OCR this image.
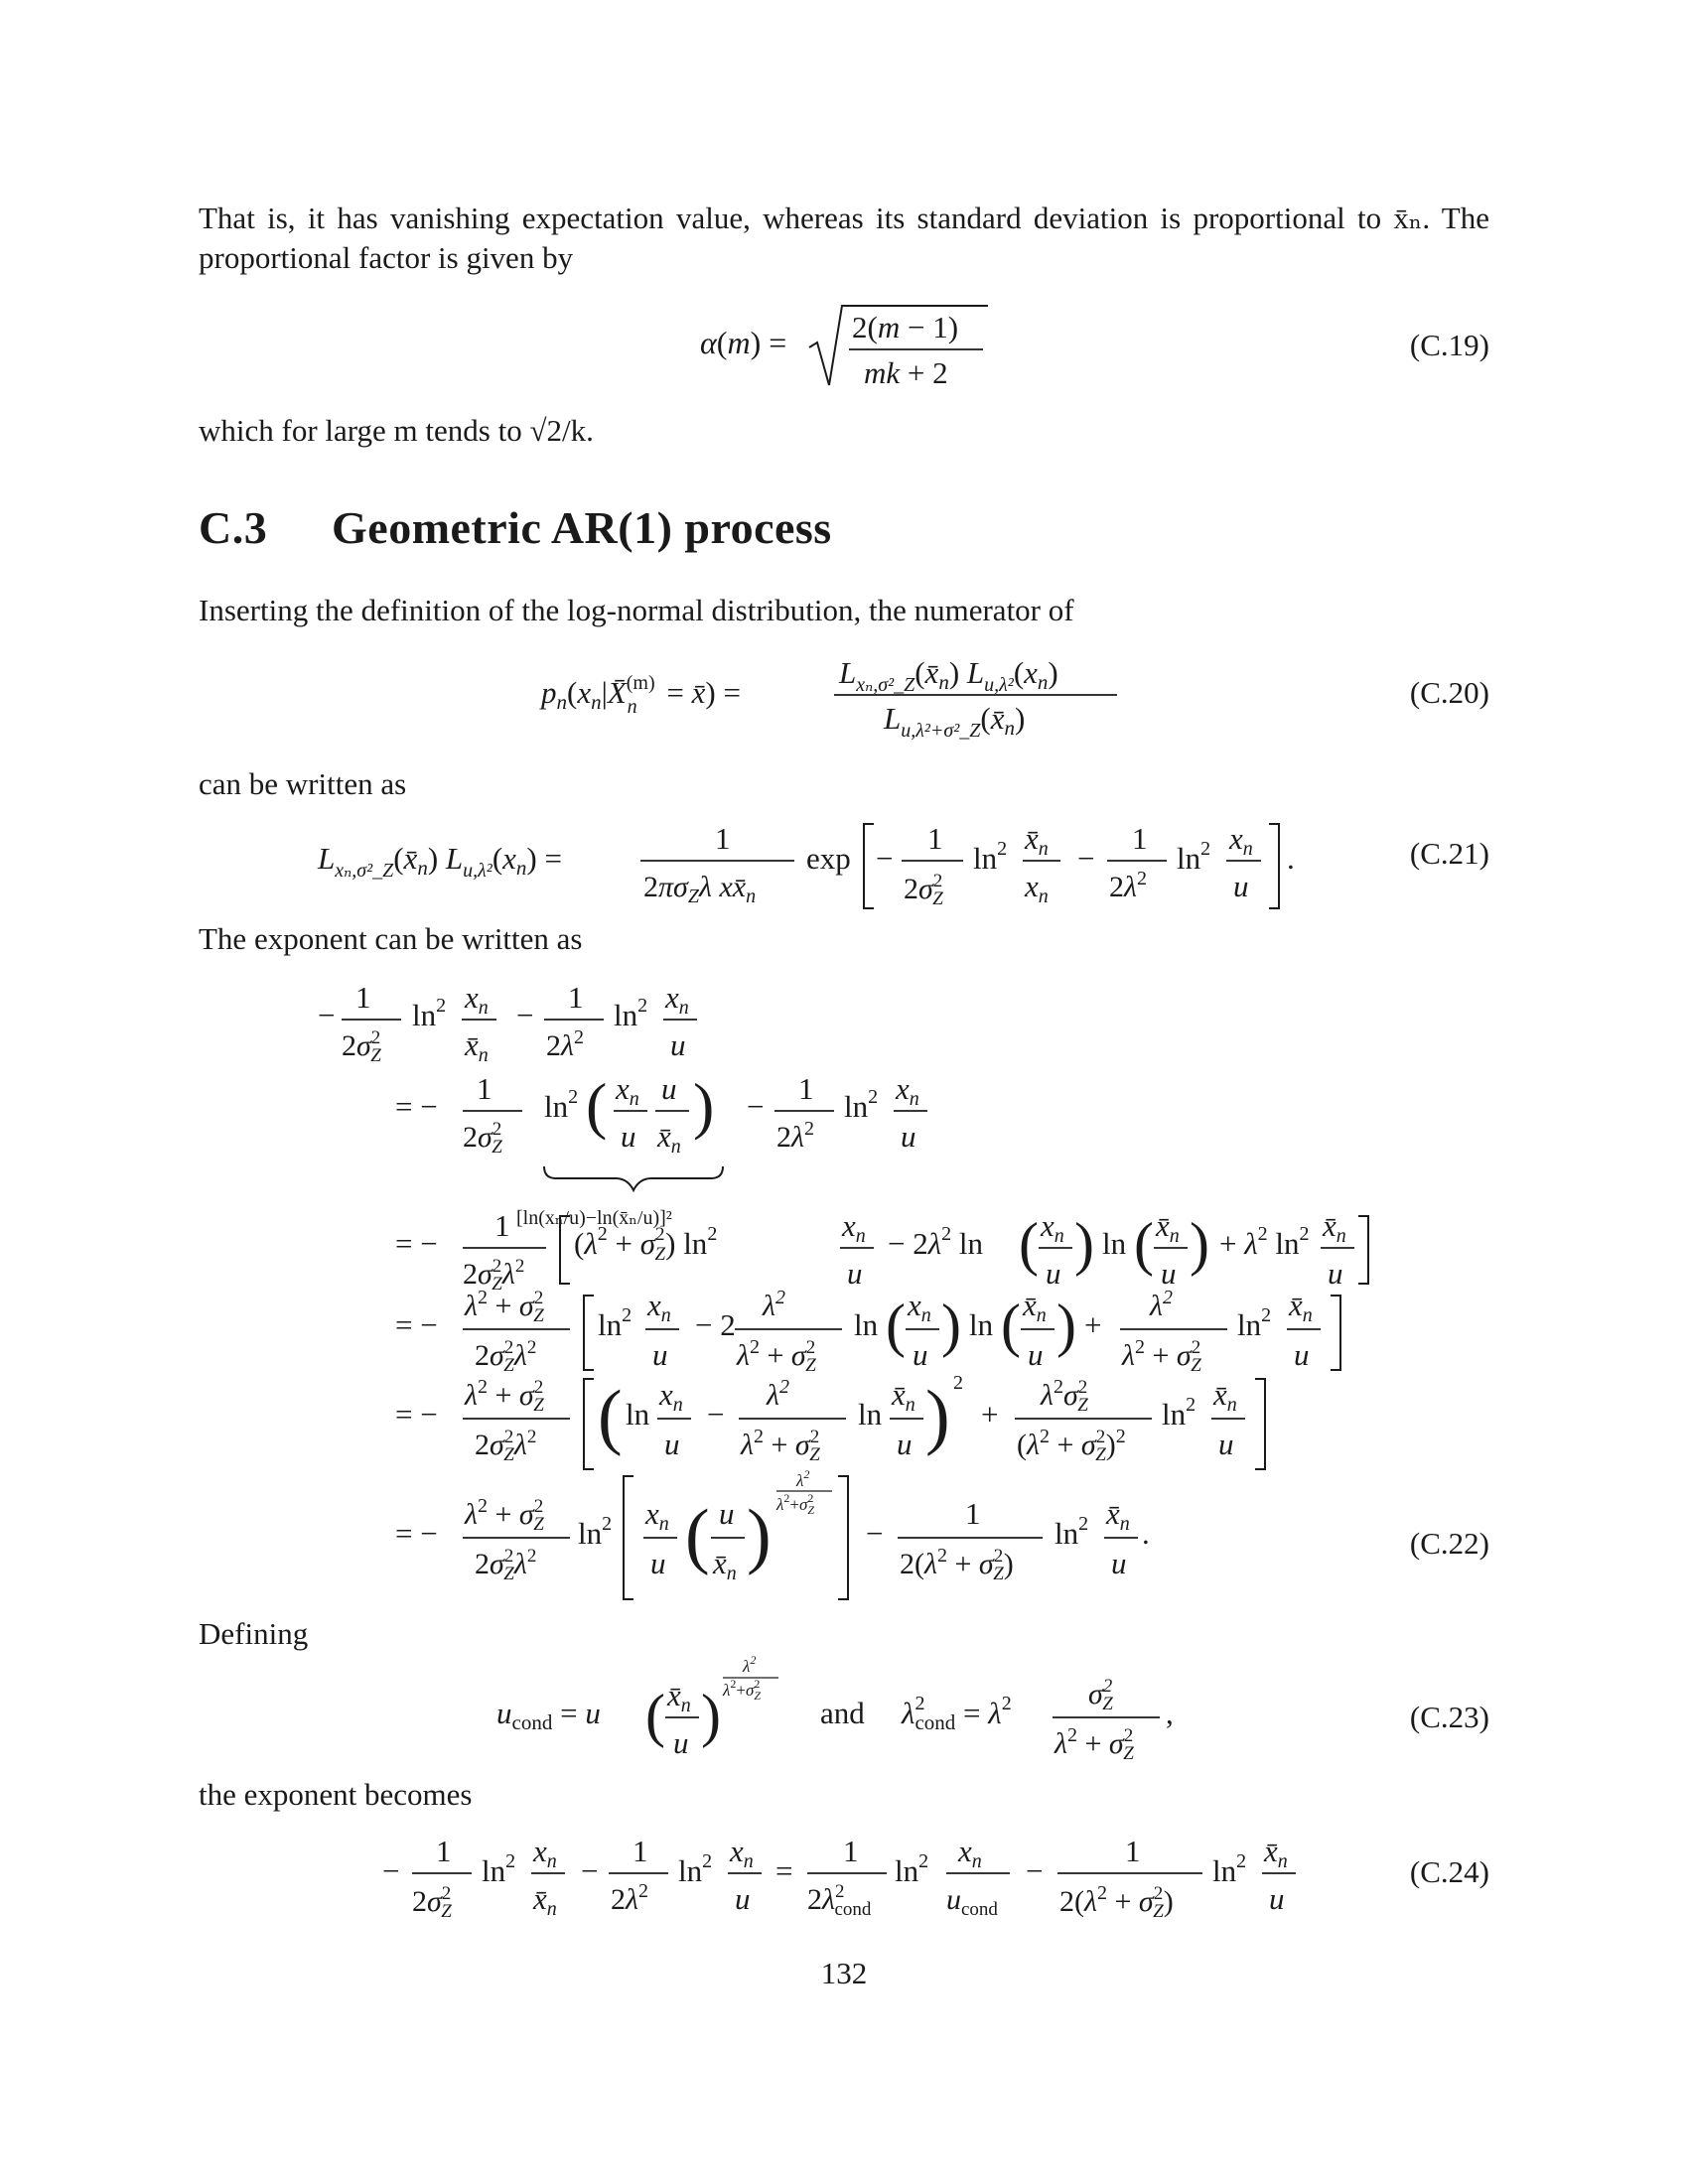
That is, it has vanishing expectation value, whereas its standard deviation is proportional to x̄ₙ. The proportional factor is given by
α(m) = 2(m − 1)
mk + 2
(C.19)
which for large m tends to √2/k.
C.3 Geometric AR(1) process
Inserting the definition of the log-normal distribution, the numerator of
pn(xn|X̄$^{(m)}$ n = x̄) =
$L_{x_n,\sigma^2\_Z}(x̄n)$ $L_{u,\lambda^2}(xn)$
$L_{u,\lambda^2+\sigma^2\_Z}(x̄n)$
(C.20)
can be written as
$L_{x_n,\sigma^2\_Z}(x̄n) L_{u,\lambda^2}(xn)$ =
1
$2\pi\sigma_Z\lambda$ $xx̄_n$
exp −
1
$2\sigma^2$ Z
$\ln^2$ x̄n
xn
−
1
$2\lambda^2$
$\ln^2$ xn
u
.	(C.21)
The exponent can be written as
−
1
$2\sigma^2$ Z
$\ln^2$ xn
x̄n
−
1
$2\lambda^2$
$\ln^2$ xn
u
= −
1
$2\sigma^2$ Z
$\ln^2$ ( xn
u
u
x̄n
)
[ln(xₙ/u)−ln(x̄ₙ/u)]²
−
1
$2\lambda^2$
$\ln^2$ xn
u
= −
1
$2\sigma^2$ $Z\lambda^2$
($\lambda^2 + \sigma^2$ Z) $\ln^2$	xn
u
− $2\lambda^2$ ln ( xn
u ) ln ( x̄n
u ) + $\lambda^2$ $\ln^2$ x̄n
u
= −
$\lambda^2 + \sigma^2$ Z
$2\sigma^2$ $Z\lambda^2$
$\ln^2$ xn
u
− 2
$\lambda^2$
$\lambda^2 + \sigma^2$ Z
ln ( xn
u ) ln ( x̄n
u ) +
$\lambda^2$
$\lambda^2 + \sigma^2$ Z
$\ln^2$ x̄n
u
= −
$\lambda^2 + \sigma^2$ Z
$2\sigma^2$ $Z\lambda^2$ ( ln
xn
u
−
$\lambda^2$
$\lambda^2 + \sigma^2$ Z
ln
x̄n
u ) 2
+
$\lambda^2\sigma^2$ Z
($\lambda^2 + \sigma^2$ Z)$^2$
$\ln^2$ x̄n
u
= −
$\lambda^2 + \sigma^2$ Z
$2\sigma^2$ $Z\lambda^2$
$\ln^2$ xn
u ( u
x̄n )
$\lambda^2$
$\lambda^2+\sigma^2$ Z
−
1
$2(\lambda^2 + \sigma^2$ Z)
$\ln^2$ x̄n
u
.	(C.22)
Defining
ucond = u ( x̄n
u )
$\lambda^2$
$\lambda^2+\sigma^2$ Z and $\lambda^2$ cond = $\lambda^2$	$\sigma^2$ Z
$\lambda^2 + \sigma^2$ Z
,	(C.23)
the exponent becomes
−
1
$2\sigma^2$ Z
$\ln^2$ xn
x̄n
−
1
$2\lambda^2$
$\ln^2$ xn
u
=
1
$2\lambda^2$ cond
$\ln^2$ xn
$u_{cond}$
−
1
$2(\lambda^2 + \sigma^2$ Z)
$\ln^2$ x̄n
u
(C.24)
132
